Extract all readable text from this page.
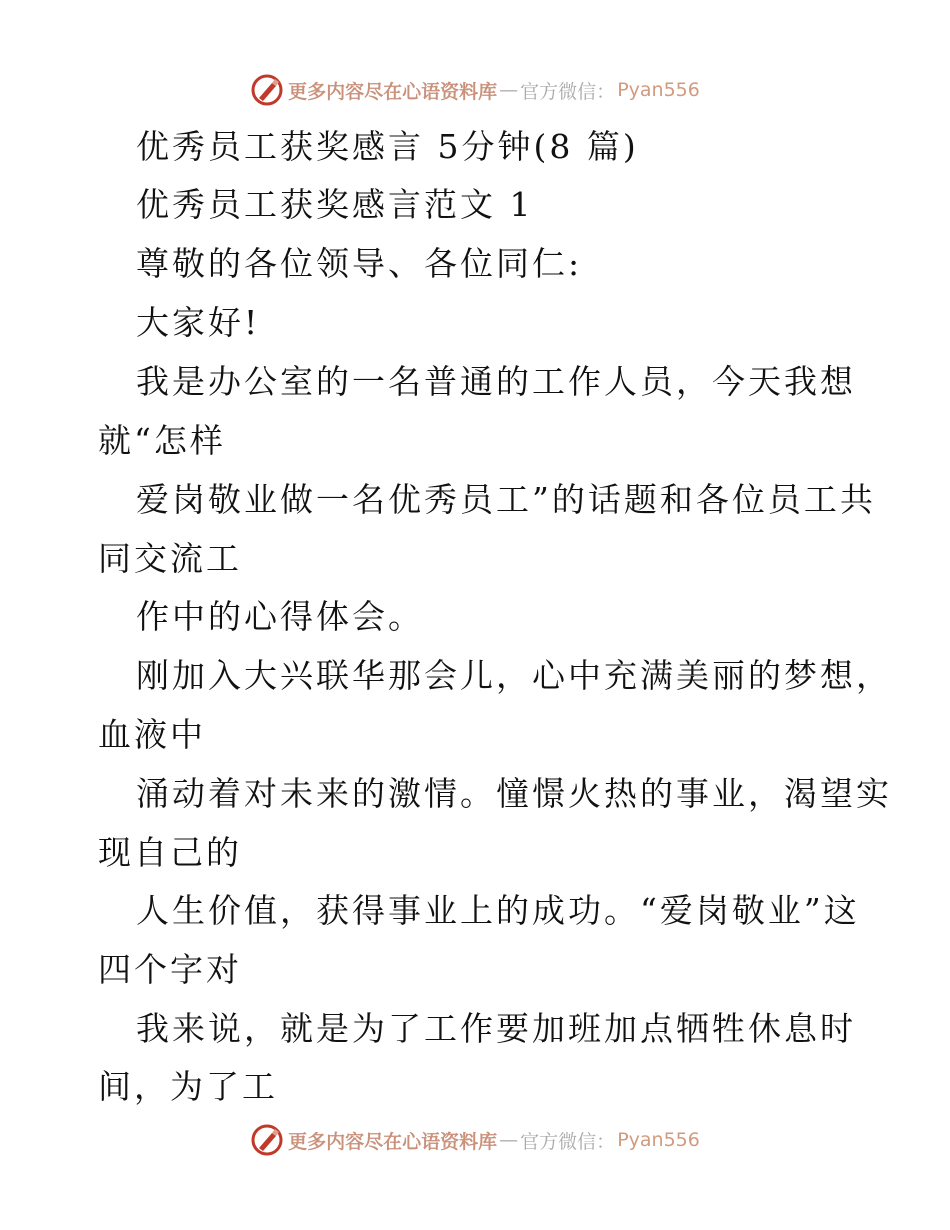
更多内容尽在心语资料库 — 官方微信： Pyan556
优秀员工获奖感言 5分钟(8 篇)
优秀员工获奖感言范文 1
尊敬的各位领导、各位同仁:
大家好!
我是办公室的一名普通的工作人员，今天我想
就“怎样
爱岗敬业做一名优秀员工”的话题和各位员工共
同交流工
作中的心得体会。
刚加入大兴联华那会儿，心中充满美丽的梦想，
血液中
涌动着对未来的激情。憧憬火热的事业，渴望实
现自己的
人生价值，获得事业上的成功。“爱岗敬业”这
四个字对
我来说，就是为了工作要加班加点牺牲休息时
间，为了工
更多内容尽在心语资料库 — 官方微信： Pyan556
